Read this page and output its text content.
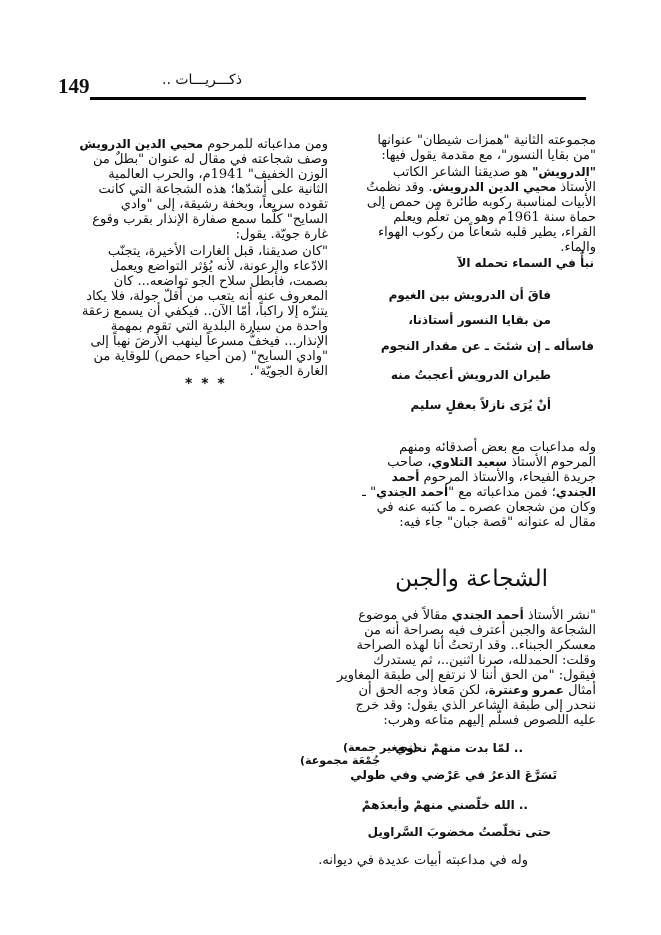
149	ذكـــريـــات ..

مجموعته الثانية "همزات شيطان" عنوانها "من بقايا النسور"، مع مقدمة يقول فيها:

"الدرويش" هو صديقنا الشاعر الكاتب الأستاذ محيي الدين الدرويش. وقد نظمتُ الأبيات لمناسبة ركوبه طائرة من حمص إلى حماة سنة 1961م وهو من تعلّم ويعلم القراء، يطير قلبه شعاعاً من ركوب الهواء والماء.

نبأٌ في السماء تحمله الآ
فاقَ أن الدرويش بين الغيوم
من بقايا النسور أستاذنا،
فاسأله ـ إن شئتَ ـ عن مقدار النجوم
طيران الدرويش أعجبتُ منه
أنْ يُرَى نازلاً بعقلٍ سليم
وله مداعبات مع بعض أصدقائه ومنهم المرحوم الأستاذ سعيد التلاوي، صاحب جريدة الفيحاء، والأستاذ المرحوم أحمد الجندي؛ فمن مداعباته مع "أحمد الجندي" ـ وكان من شجعان عصره ـ ما كتبه عنه في مقال له عنوانه "قصة جبان" جاء فيه:

ومن مداعباته للمرحوم محيي الدين الدرويش وصف شجاعته في مقال له عنوان "بطلٌ من الوزن الخفيف" 1941م، والحرب العالمية الثانية على أشدّها؛ هذه الشجاعة التي كانت تقوده سريعاً، وبخفة رشيقة، إلى "وادي السايح" كلّما سمع صفارة الإنذار بقرب وقوع غارة جويّة. يقول:

"كان صديقنا، قبل الغارات الأخيرة، يتجنّب الادّعاء والرعونة، لأنه يُؤثر التواضع ويعمل بصمت، فأبطل سلاح الجو تواضعه... كان المعروف عنه أنه يتعب من أقلّ جولة، فلا يكاد يتنزّه إلا راكباً، أمّا الآن.. فيكفي أن يسمع زعقة واحدة من سيارة البلدية التي تقوم بمهمة الإنذار... فيخفُّ مسرعاً لينهب الأرضَ نهباً إلى "وادي السايح" (من أحياء حمص) للوقاية من الغارة الجويّة".

* * *
الشجاعة والجبن
"نشر الأستاذ أحمد الجندي مقالاً في موضوع الشجاعة والجبن أعترف فيه بصراحة أنه من معسكر الجبناء.. وقد ارتحتُ أنا لهذه الصراحة وقلت: الحمدلله، صرنا اثنين..، ثم يستدرك فيقول: "من الحق أننا لا نرتفع إلى طبقة المغاوير أمثال عمرو وعنترة، لكن مَعاذ وجه الحق أن ننحدر إلى طبقة الشاعر الذي يقول: وقد خرج عليه اللصوص فسلّم إليهم متاعه وهرب:
.. لمّا بدت منهمْ نحوي
(تصغير جمعة)
جُمْعَة مجموعة)
تَسَرَّعَ الذعرُ في عَرْضي وفي طولي
.. الله خلّصني منهمْ وأبعدَهمْ
حتى تخلّصتُ مخضوبَ السَّراويل
وله في مداعبته أبيات عديدة في ديوانه.
